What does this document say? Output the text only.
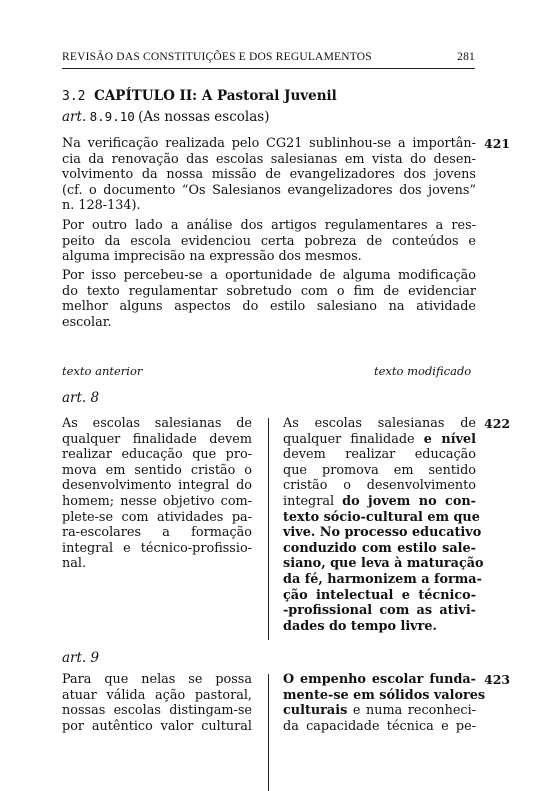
REVISÃO DAS CONSTITUIÇÕES E DOS REGULAMENTOS	281
3.2 CAPÍTULO II: A Pastoral Juvenil
art. 8.9.10 (As nossas escolas)
Na verificação realizada pelo CG21 sublinhou-se a importân-
cia da renovação das escolas salesianas em vista do desen-
volvimento da nossa missão de evangelizadores dos jovens
(cf. o documento “Os Salesianos evangelizadores dos jovens”
n. 128-134).
421
Por outro lado a análise dos artigos regulamentares a res-
peito da escola evidenciou certa pobreza de conteúdos e
alguma imprecisão na expressão dos mesmos.
Por isso percebeu-se a oportunidade de alguma modificação
do texto regulamentar sobretudo com o fim de evidenciar
melhor alguns aspectos do estilo salesiano na atividade
escolar.
texto anterior	texto modificado
art. 8
As escolas salesianas de
qualquer finalidade devem
realizar educação que pro-
mova em sentido cristão o
desenvolvimento integral do
homem; nesse objetivo com-
plete-se com atividades pa-
ra-escolares a formação
integral e técnico-profissio-
nal.
As escolas salesianas de
qualquer finalidade e nível
devem realizar educação
que promova em sentido
cristão o desenvolvimento
integral do jovem no con-
texto sócio-cultural em que
vive. No processo educativo
conduzido com estilo sale-
siano, que leva à maturação
da fé, harmonizem a forma-
ção intelectual e técnico-
-profissional com as ativi-
dades do tempo livre.
422
art. 9
Para que nelas se possa
atuar válida ação pastoral,
nossas escolas distingam-se
por autêntico valor cultural
O empenho escolar funda-
mente-se em sólidos valores
culturais e numa reconheci-
da capacidade técnica e pe-
423
